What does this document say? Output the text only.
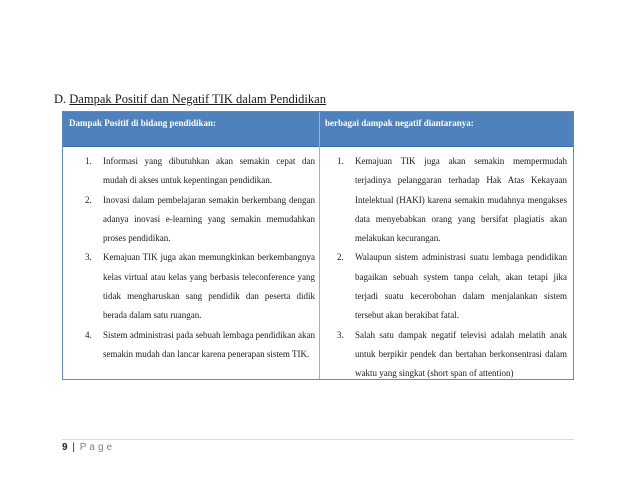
D. Dampak Positif dan Negatif TIK dalam Pendidikan
Dampak Positif di bidang pendidikan:	berbagai dampak negatif diantaranya:
1. Informasi yang dibutuhkan akan semakin cepat dan mudah di akses untuk kepentingan pendidikan.
2. Inovasi dalam pembelajaran semakin berkembang dengan adanya inovasi e-learning yang semakin memudahkan proses pendidikan.
3. Kemajuan TIK juga akan memungkinkan berkembangnya kelas virtual atau kelas yang berbasis teleconference yang tidak mengharuskan sang pendidik dan peserta didik berada dalam satu ruangan.
4. Sistem administrasi pada sebuah lembaga pendidikan akan semakin mudah dan lancar karena penerapan sistem TIK.
1. Kemajuan TIK juga akan semakin mempermudah terjadinya pelanggaran terhadap Hak Atas Kekayaan Intelektual (HAKI) karena semakin mudahnya mengakses data menyebabkan orang yang bersifat plagiatis akan melakukan kecurangan.
2. Walaupun sistem administrasi suatu lembaga pendidikan bagaikan sebuah system tanpa celah, akan tetapi jika terjadi suatu kecerobohan dalam menjalankan sistem tersebut akan berakibat fatal.
3. Salah satu dampak negatif televisi adalah melatih anak untuk berpikir pendek dan bertahan berkonsentrasi dalam waktu yang singkat (short span of attention)
9 | Page
